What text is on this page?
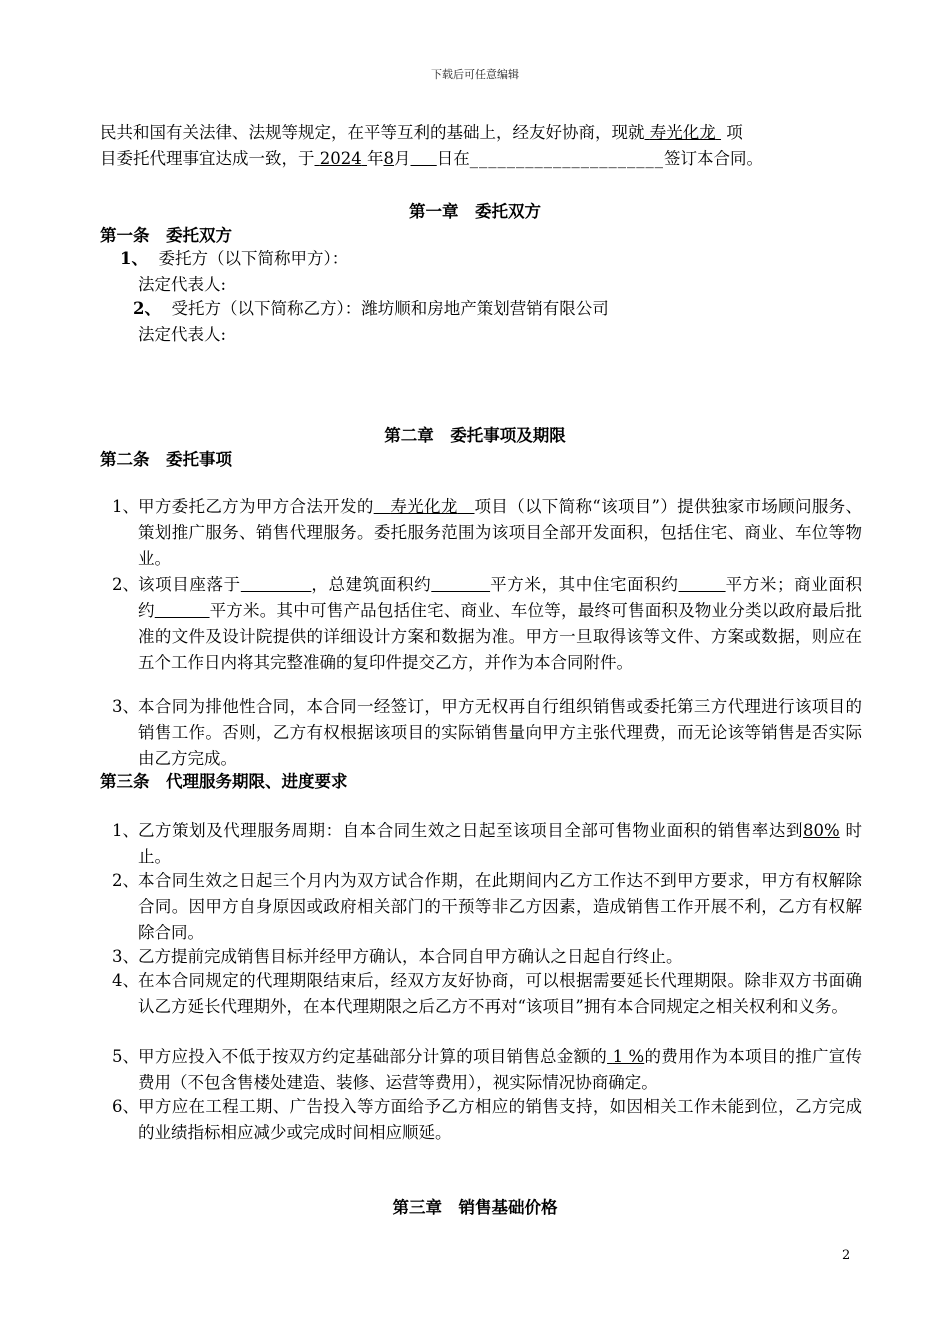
下载后可任意编辑
民共和国有关法律、法规等规定，在平等互利的基础上，经友好协商，现就 寿光化龙 项
目委托代理事宜达成一致，于 2024 年8月 日在_____________________签订本合同。
第一章　委托双方
第一条　委托双方
1、 委托方（以下简称甲方）：
法定代表人:
2、 受托方（以下简称乙方）：潍坊顺和房地产策划营销有限公司
法定代表人:
第二章　委托事项及期限
第二条　委托事项
1、 甲方委托乙方为甲方合法开发的 寿光化龙 项目（以下简称“该项目”）提供独家市场顾问服务、策划推广服务、销售代理服务。委托服务范围为该项目全部开发面积，包括住宅、商业、车位等物业。
2、 该项目座落于	，总建筑面积约	平方米，其中住宅面积约	平方米；商业面积约	平方米。其中可售产品包括住宅、商业、车位等，最终可售面积及物业分类以政府最后批准的文件及设计院提供的详细设计方案和数据为准。甲方一旦取得该等文件、方案或数据，则应在五个工作日内将其完整准确的复印件提交乙方，并作为本合同附件。
3、 本合同为排他性合同，本合同一经签订，甲方无权再自行组织销售或委托第三方代理进行该项目的销售工作。否则，乙方有权根据该项目的实际销售量向甲方主张代理费，而无论该等销售是否实际由乙方完成。
第三条　代理服务期限、进度要求
1、 乙方策划及代理服务周期：自本合同生效之日起至该项目全部可售物业面积的销售率达到80% 时止。
2、 本合同生效之日起三个月内为双方试合作期，在此期间内乙方工作达不到甲方要求，甲方有权解除合同。因甲方自身原因或政府相关部门的干预等非乙方因素，造成销售工作开展不利，乙方有权解除合同。
3、 乙方提前完成销售目标并经甲方确认，本合同自甲方确认之日起自行终止。
4、 在本合同规定的代理期限结束后，经双方友好协商，可以根据需要延长代理期限。除非双方书面确认乙方延长代理期外，在本代理期限之后乙方不再对“该项目”拥有本合同规定之相关权利和义务。
5、 甲方应投入不低于按双方约定基础部分计算的项目销售总金额的 1 %的费用作为本项目的推广宣传费用（不包含售楼处建造、装修、运营等费用），视实际情况协商确定。
6、 甲方应在工程工期、广告投入等方面给予乙方相应的销售支持，如因相关工作未能到位，乙方完成的业绩指标相应减少或完成时间相应顺延。
第三章　销售基础价格
2
